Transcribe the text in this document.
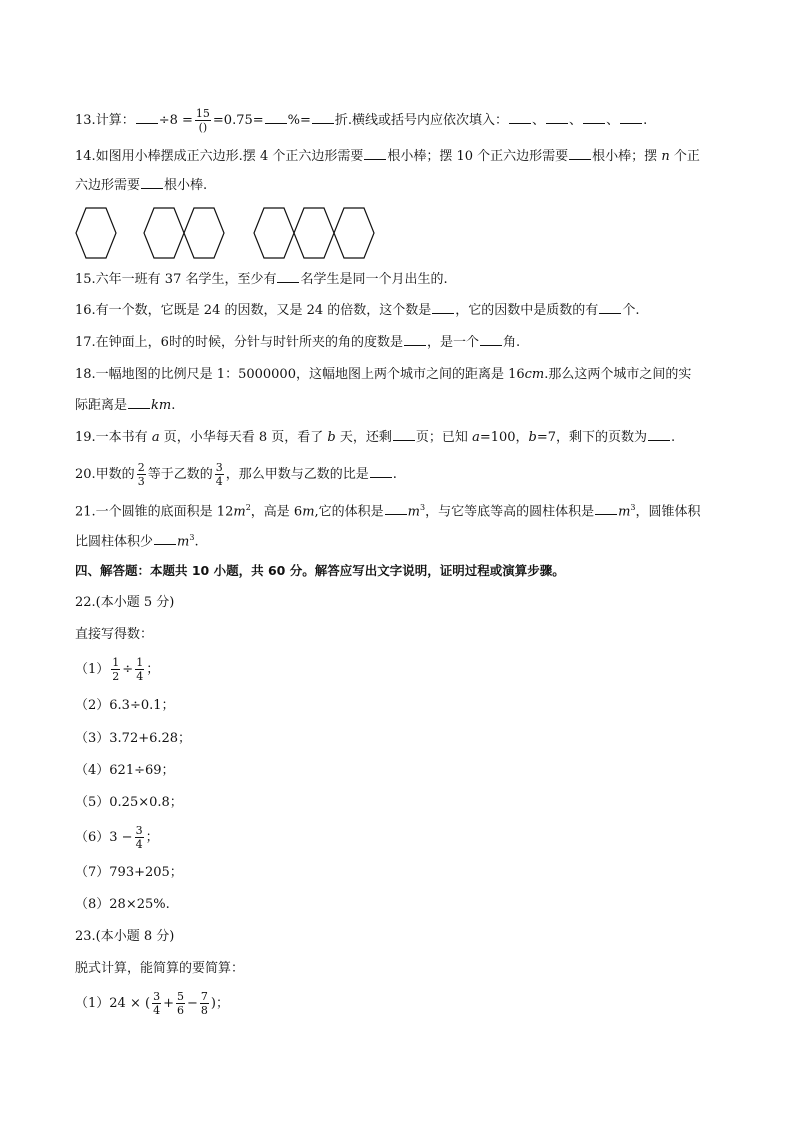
13.计算： $\div 8 = \frac{15}{()} =0.75=$ %= 折.横线或括号内应依次填入： 、 、 、 .
14.如图用小棒摆成正六边形.摆 4 个正六边形需要 根小棒；摆 10 个正六边形需要 根小棒；摆 n 个正
六边形需要 根小棒.
15.六年一班有 37 名学生，至少有 名学生是同一个月出生的.
16.有一个数，它既是 24 的因数，又是 24 的倍数，这个数是 ，它的因数中是质数的有 个.
17.在钟面上，6时的时候，分针与时针所夹的角的度数是 ，是一个 角.
18.一幅地图的比例尺是 1：5000000，这幅地图上两个城市之间的距离是 16cm.那么这两个城市之间的实
际距离是 km.
19.一本书有 a 页，小华每天看 8 页，看了 b 天，还剩 页；已知 a=100，b=7，剩下的页数为 .
20.甲数的 $\frac{2}{3}$ 等于乙数的 $\frac{3}{4}$ ，那么甲数与乙数的比是 .
21.一个圆锥的底面积是 $12m^2$，高是 6m,它的体积是 $m^3$，与它等底等高的圆柱体积是 $m^3$，圆锥体积
比圆柱体积少 $m^3$.
四、解答题：本题共 10 小题，共 60 分。解答应写出文字说明，证明过程或演算步骤。
22.(本小题 5 分)
直接写得数：
$(1) \frac{1}{2} \div \frac{1}{4}$ ；
（2）6.3÷0.1；
（3）3.72+6.28；
（4）621÷69；
（5）0.25×0.8；
$(6)3 - \frac{3}{4}$ ；
（7）793+205；
（8）28×25%.
23.(本小题 8 分)
脱式计算，能简算的要简算：
（1）24 × ( $\frac{3}{4} + \frac{5}{6} - \frac{7}{8}$ )；
